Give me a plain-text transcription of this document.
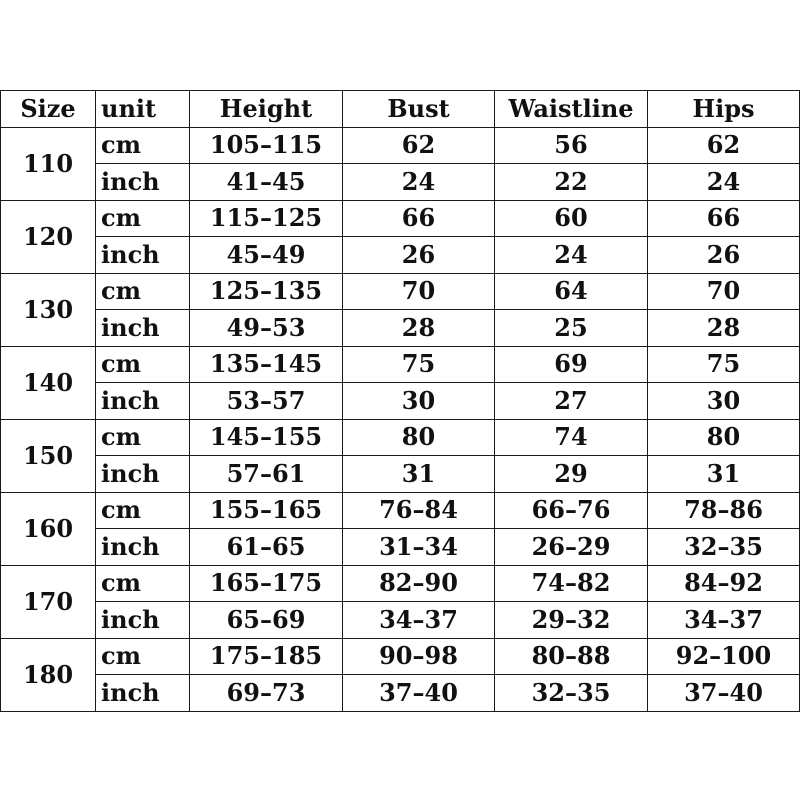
Size	unit	Height	Bust	Waistline	Hips
110	cm	105–115	62	56	62
	inch	41–45	24	22	24
120	cm	115–125	66	60	66
	inch	45–49	26	24	26
130	cm	125–135	70	64	70
	inch	49–53	28	25	28
140	cm	135–145	75	69	75
	inch	53–57	30	27	30
150	cm	145–155	80	74	80
	inch	57–61	31	29	31
160	cm	155–165	76–84	66–76	78–86
	inch	61–65	31–34	26–29	32–35
170	cm	165–175	82–90	74–82	84–92
	inch	65–69	34–37	29–32	34–37
180	cm	175–185	90–98	80–88	92–100
	inch	69–73	37–40	32–35	37–40
